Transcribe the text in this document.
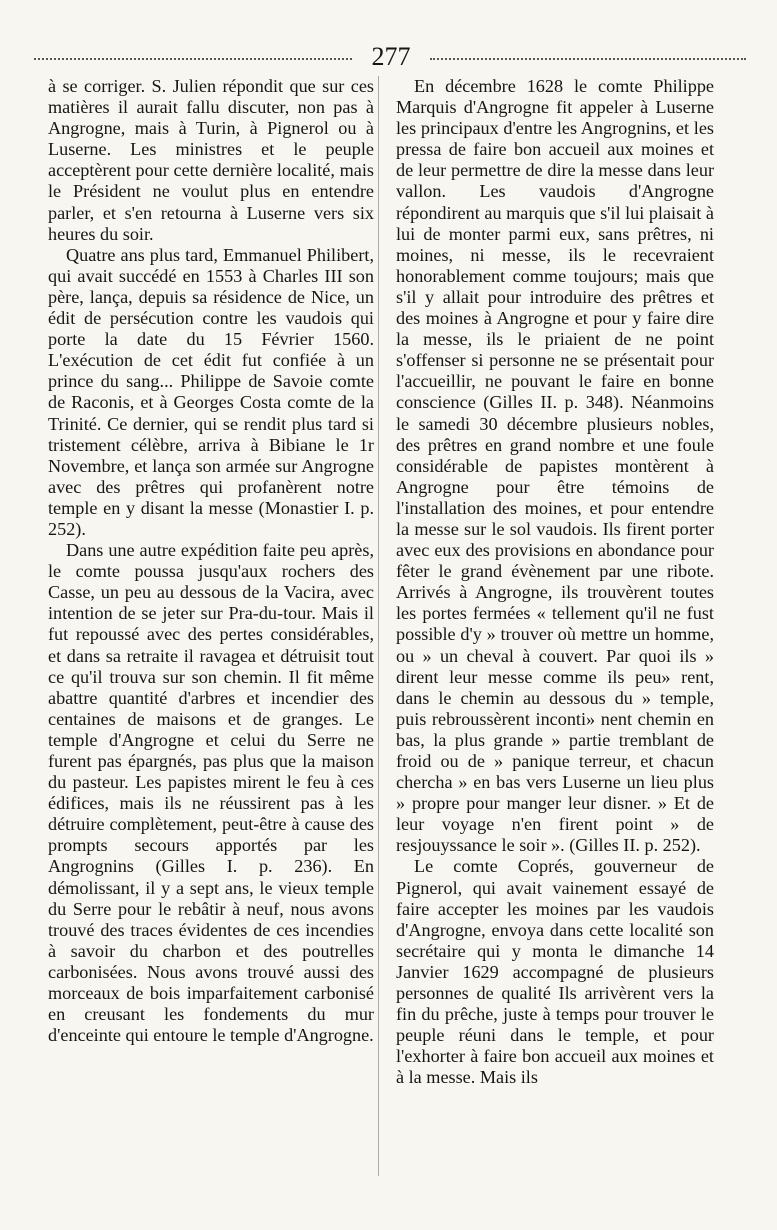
277

à se corriger. S. Julien répondit que sur ces matières il aurait fallu discuter, non pas à Angrogne, mais à Turin, à Pignerol ou à Luserne. Les ministres et le peuple acceptèrent pour cette dernière localité, mais le Président ne voulut plus en entendre parler, et s'en retourna à Luserne vers six heures du soir.

Quatre ans plus tard, Emmanuel Philibert, qui avait succédé en 1553 à Charles III son père, lança, depuis sa résidence de Nice, un édit de persécution contre les vaudois qui porte la date du 15 Février 1560. L'exécution de cet édit fut confiée à un prince du sang... Philippe de Savoie comte de Raconis, et à Georges Costa comte de la Trinité. Ce dernier, qui se rendit plus tard si tristement célèbre, arriva à Bibiane le 1r Novembre, et lança son armée sur Angrogne avec des prêtres qui profanèrent notre temple en y disant la messe (Monastier I. p. 252).

Dans une autre expédition faite peu après, le comte poussa jusqu'aux rochers des Casse, un peu au dessous de la Vacira, avec intention de se jeter sur Pra-du-tour. Mais il fut repoussé avec des pertes considérables, et dans sa retraite il ravagea et détruisit tout ce qu'il trouva sur son chemin. Il fit même abattre quantité d'arbres et incendier des centaines de maisons et de granges. Le temple d'Angrogne et celui du Serre ne furent pas épargnés, pas plus que la maison du pasteur. Les papistes mirent le feu à ces édifices, mais ils ne réussirent pas à les détruire complètement, peut-être à cause des prompts secours apportés par les Angrognins (Gilles I. p. 236). En démolissant, il y a sept ans, le vieux temple du Serre pour le rebâtir à neuf, nous avons trouvé des traces évidentes de ces incendies à savoir du charbon et des poutrelles carbonisées. Nous avons trouvé aussi des morceaux de bois imparfaitement carbonisé en creusant les fondements du mur d'enceinte qui entoure le temple d'Angrogne.

En décembre 1628 le comte Philippe Marquis d'Angrogne fit appeler à Luserne les principaux d'entre les Angrognins, et les pressa de faire bon accueil aux moines et de leur permettre de dire la messe dans leur vallon. Les vaudois d'Angrogne répondirent au marquis que s'il lui plaisait à lui de monter parmi eux, sans prêtres, ni moines, ni messe, ils le recevraient honorablement comme toujours; mais que s'il y allait pour introduire des prêtres et des moines à Angrogne et pour y faire dire la messe, ils le priaient de ne point s'offenser si personne ne se présentait pour l'accueillir, ne pouvant le faire en bonne conscience (Gilles II. p. 348). Néanmoins le samedi 30 décembre plusieurs nobles, des prêtres en grand nombre et une foule considérable de papistes montèrent à Angrogne pour être témoins de l'installation des moines, et pour entendre la messe sur le sol vaudois. Ils firent porter avec eux des provisions en abondance pour fêter le grand évènement par une ribote. Arrivés à Angrogne, ils trouvèrent toutes les portes fermées « tellement qu'il ne fust possible d'y » trouver où mettre un homme, ou » un cheval à couvert. Par quoi ils » dirent leur messe comme ils peu» rent, dans le chemin au dessous du » temple, puis rebroussèrent inconti» nent chemin en bas, la plus grande » partie tremblant de froid ou de » panique terreur, et chacun chercha » en bas vers Luserne un lieu plus » propre pour manger leur disner. » Et de leur voyage n'en firent point » de resjouyssance le soir ». (Gilles II. p. 252).

Le comte Coprés, gouverneur de Pignerol, qui avait vainement essayé de faire accepter les moines par les vaudois d'Angrogne, envoya dans cette localité son secrétaire qui y monta le dimanche 14 Janvier 1629 accompagné de plusieurs personnes de qualité Ils arrivèrent vers la fin du prêche, juste à temps pour trouver le peuple réuni dans le temple, et pour l'exhorter à faire bon accueil aux moines et à la messe. Mais ils
